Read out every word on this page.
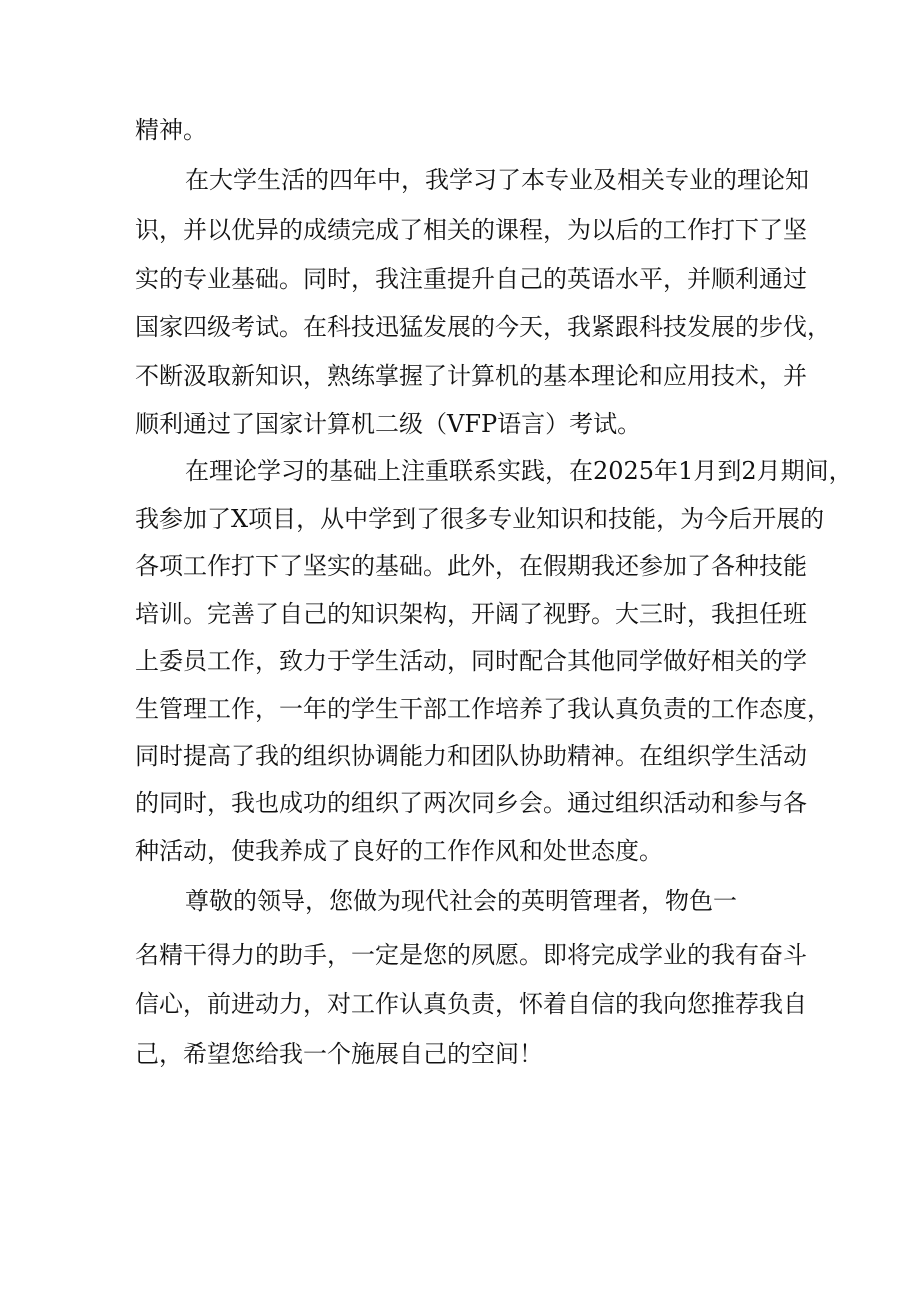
精神。

在大学生活的四年中，我学习了本专业及相关专业的理论知

识，并以优异的成绩完成了相关的课程，为以后的工作打下了坚

实的专业基础。同时，我注重提升自己的英语水平，并顺利通过

国家四级考试。在科技迅猛发展的今天，我紧跟科技发展的步伐，

不断汲取新知识，熟练掌握了计算机的基本理论和应用技术，并

顺利通过了国家计算机二级（VFP语言）考试。

在理论学习的基础上注重联系实践，在2025年1月到2月期间，

我参加了X项目，从中学到了很多专业知识和技能，为今后开展的

各项工作打下了坚实的基础。此外，在假期我还参加了各种技能

培训。完善了自己的知识架构，开阔了视野。大三时，我担任班

上委员工作，致力于学生活动，同时配合其他同学做好相关的学

生管理工作，一年的学生干部工作培养了我认真负责的工作态度，

同时提高了我的组织协调能力和团队协助精神。在组织学生活动

的同时，我也成功的组织了两次同乡会。通过组织活动和参与各

种活动，使我养成了良好的工作作风和处世态度。

尊敬的领导，您做为现代社会的英明管理者，物色一

名精干得力的助手，一定是您的夙愿。即将完成学业的我有奋斗

信心，前进动力，对工作认真负责，怀着自信的我向您推荐我自

己，希望您给我一个施展自己的空间！
